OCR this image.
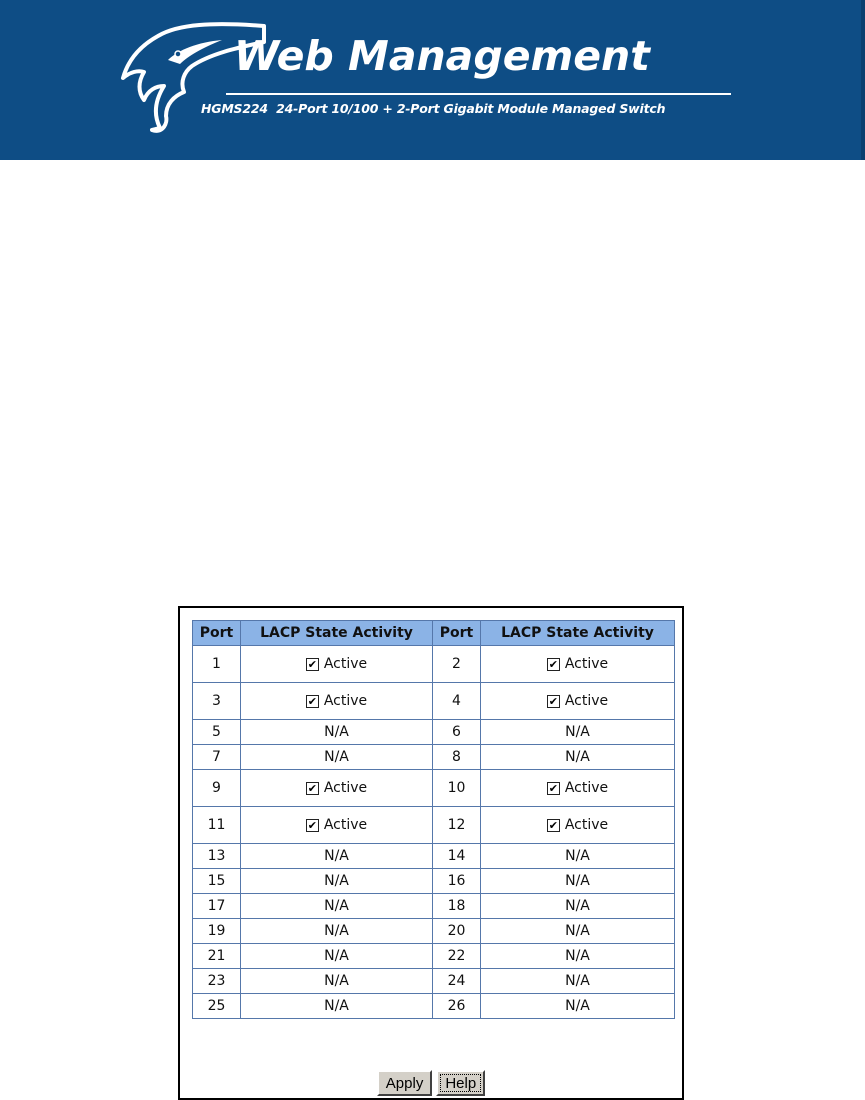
Web Management
HGMS224  24-Port 10/100 + 2-Port Gigabit Module Managed Switch
Port	LACP State Activity	Port	LACP State Activity
1	✔ Active	2	✔ Active

3	✔ Active	4	✔ Active

5	N/A	6	N/A
7	N/A	8	N/A
9	✔ Active	10	✔ Active

11	✔ Active	12	✔ Active

13	N/A	14	N/A
15	N/A	16	N/A
17	N/A	18	N/A
19	N/A	20	N/A
21	N/A	22	N/A
23	N/A	24	N/A
25	N/A	26	N/A
Apply Help
